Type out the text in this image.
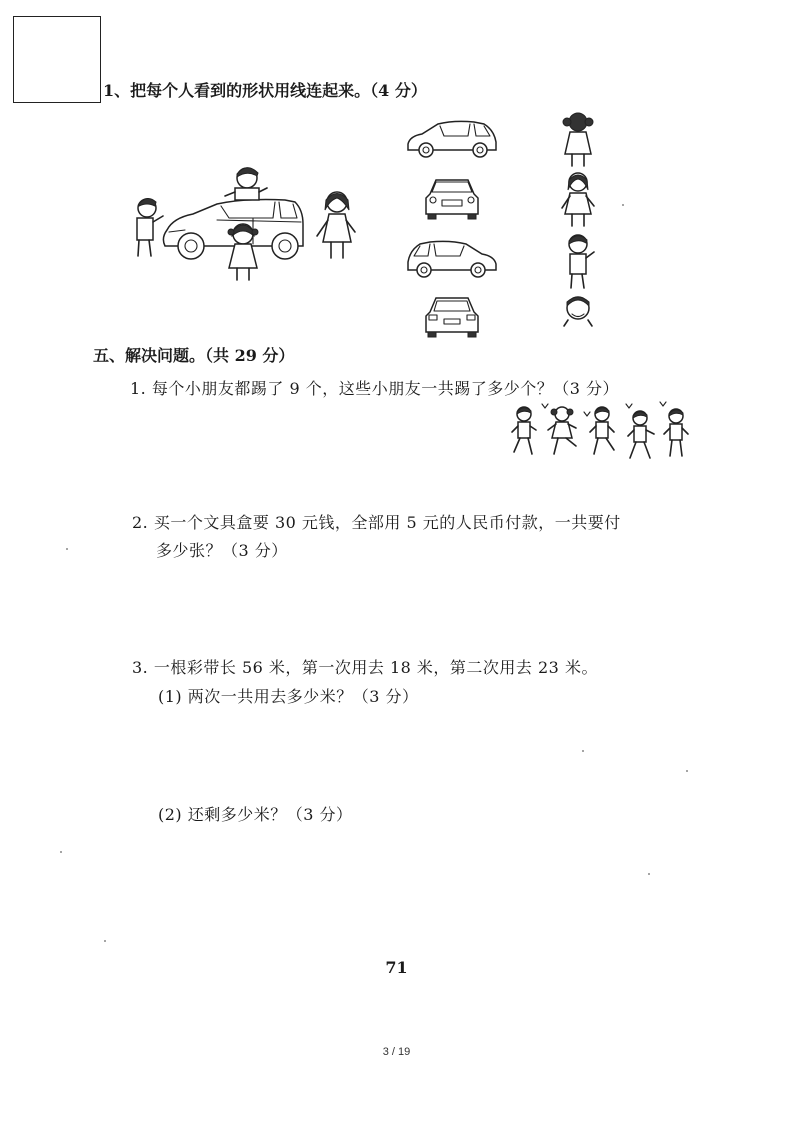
1、把每个人看到的形状用线连起来。（4 分）
五、解决问题。（共 29 分）
1. 每个小朋友都踢了 9 个，这些小朋友一共踢了多少个？（3 分）
2. 买一个文具盒要 30 元钱，全部用 5 元的人民币付款，一共要付
多少张？（3 分）
3. 一根彩带长 56 米，第一次用去 18 米，第二次用去 23 米。
(1) 两次一共用去多少米？（3 分）
(2) 还剩多少米？（3 分）
71
3 / 19
